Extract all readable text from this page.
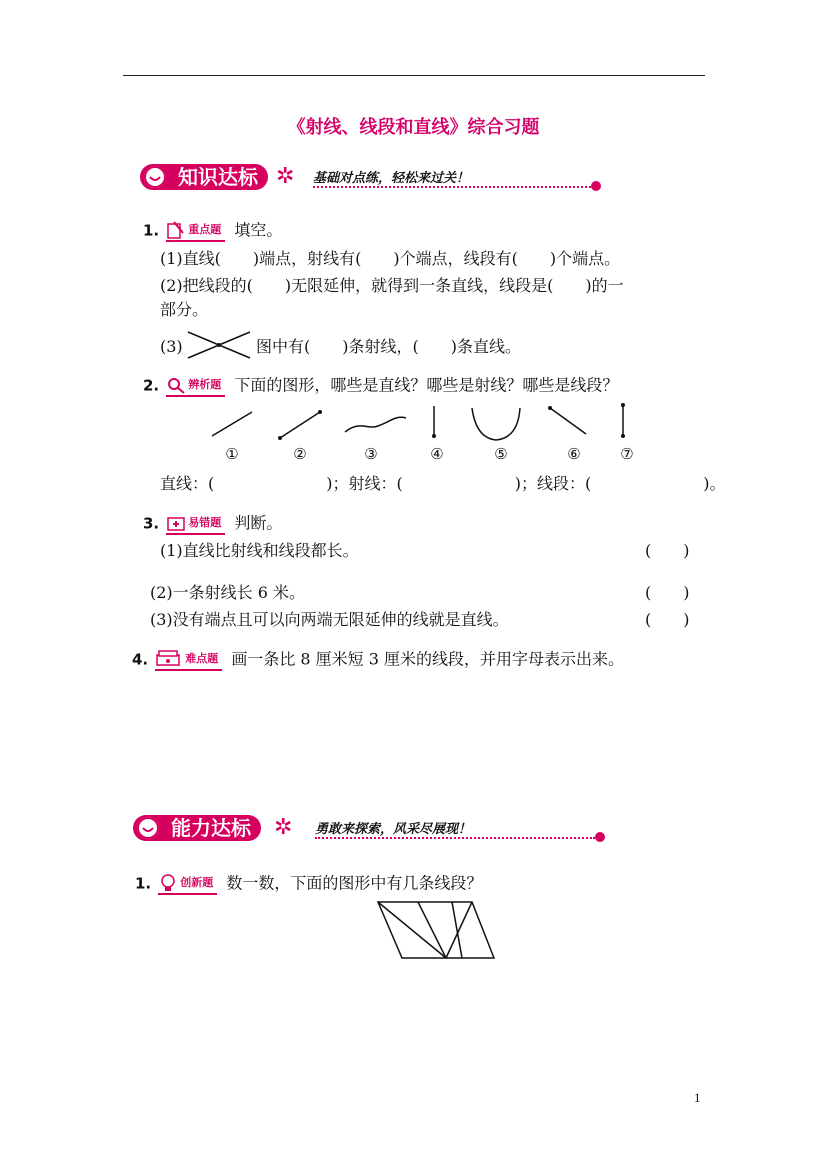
《射线、线段和直线》综合习题
知识达标 ✲ 基础对点练，轻松来过关！
1.	重点题 填空。
(1)直线(　　)端点，射线有(　　)个端点，线段有(　　)个端点。
(2)把线段的(　　)无限延伸，就得到一条直线，线段是(　　)的一
部分。
(3)	图中有(　　)条射线，(　　)条直线。
2.	辨析题 下面的图形，哪些是直线？哪些是射线？哪些是线段？
①	②	③	④	⑤	⑥	⑦
直线：(　　　　　　　)；射线：(　　　　　　　)；线段：(　　　　　　　)。
3.	易错题 判断。
(1)直线比射线和线段都长。	(　　)
(2)一条射线长 6 米。	(　　)
(3)没有端点且可以向两端无限延伸的线就是直线。	(　　)
4.	难点题 画一条比 8 厘米短 3 厘米的线段，并用字母表示出来。
能力达标	✲ 勇敢来探索，风采尽展现！
1.	创新题 数一数，下面的图形中有几条线段？
1
